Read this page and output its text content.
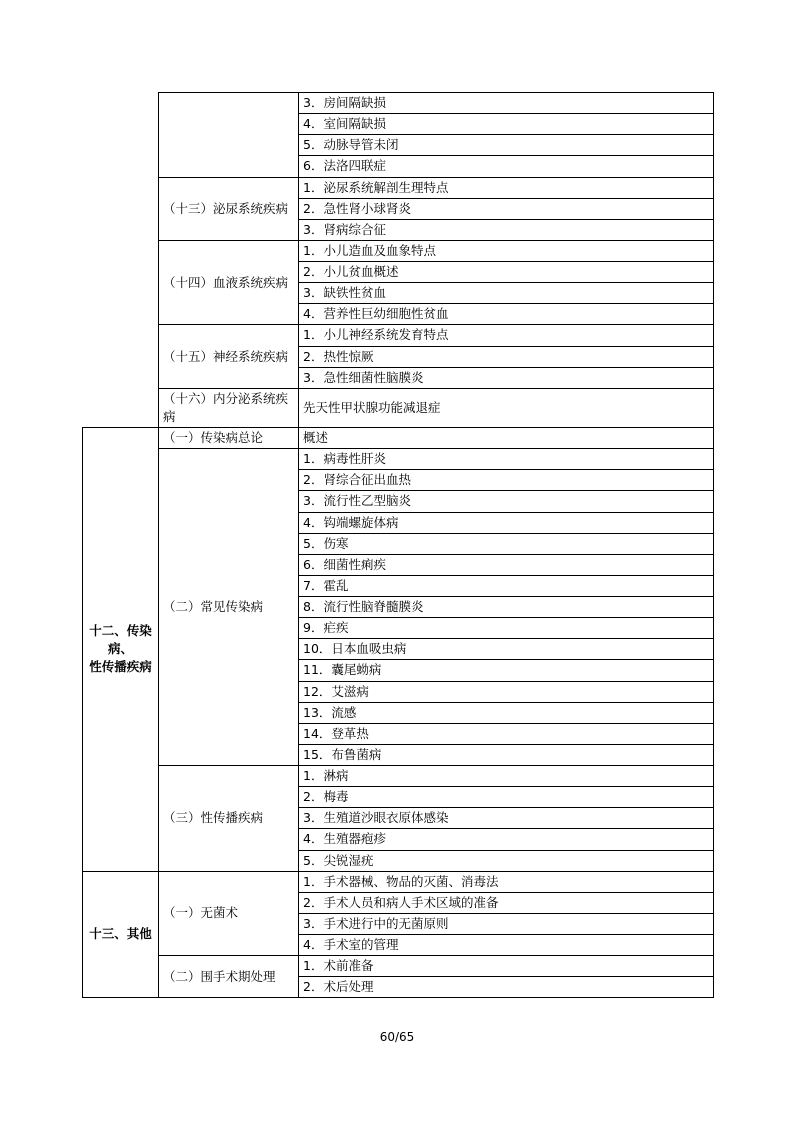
		3．房间隔缺损
		4．室间隔缺损
		5．动脉导管未闭
		6．法洛四联症
	（十三）泌尿系统疾病	1．泌尿系统解剖生理特点
		2．急性肾小球肾炎
		3．肾病综合征
	（十四）血液系统疾病	1．小儿造血及血象特点
		2．小儿贫血概述
		3．缺铁性贫血
		4．营养性巨幼细胞性贫血
	（十五）神经系统疾病	1．小儿神经系统发育特点
		2．热性惊厥
		3．急性细菌性脑膜炎
	（十六）内分泌系统疾病	先天性甲状腺功能减退症

十二、传染病、
性传播疾病	（一）传染病总论	概述
	（二）常见传染病	1．病毒性肝炎
		2．肾综合征出血热
		3．流行性乙型脑炎
		4．钩端螺旋体病
		5．伤寒
		6．细菌性痢疾
		7．霍乱
		8．流行性脑脊髓膜炎
		9．疟疾
		10．日本血吸虫病
		11．囊尾蚴病
		12．艾滋病
		13．流感
		14．登革热
		15．布鲁菌病
	（三）性传播疾病	1．淋病
		2．梅毒
		3．生殖道沙眼衣原体感染
		4．生殖器疱疹
		5．尖锐湿疣

十三、其他	（一）无菌术	1．手术器械、物品的灭菌、消毒法
		2．手术人员和病人手术区域的准备
		3．手术进行中的无菌原则
		4．手术室的管理
	（二）围手术期处理	1．术前准备
		2．术后处理
60/65
